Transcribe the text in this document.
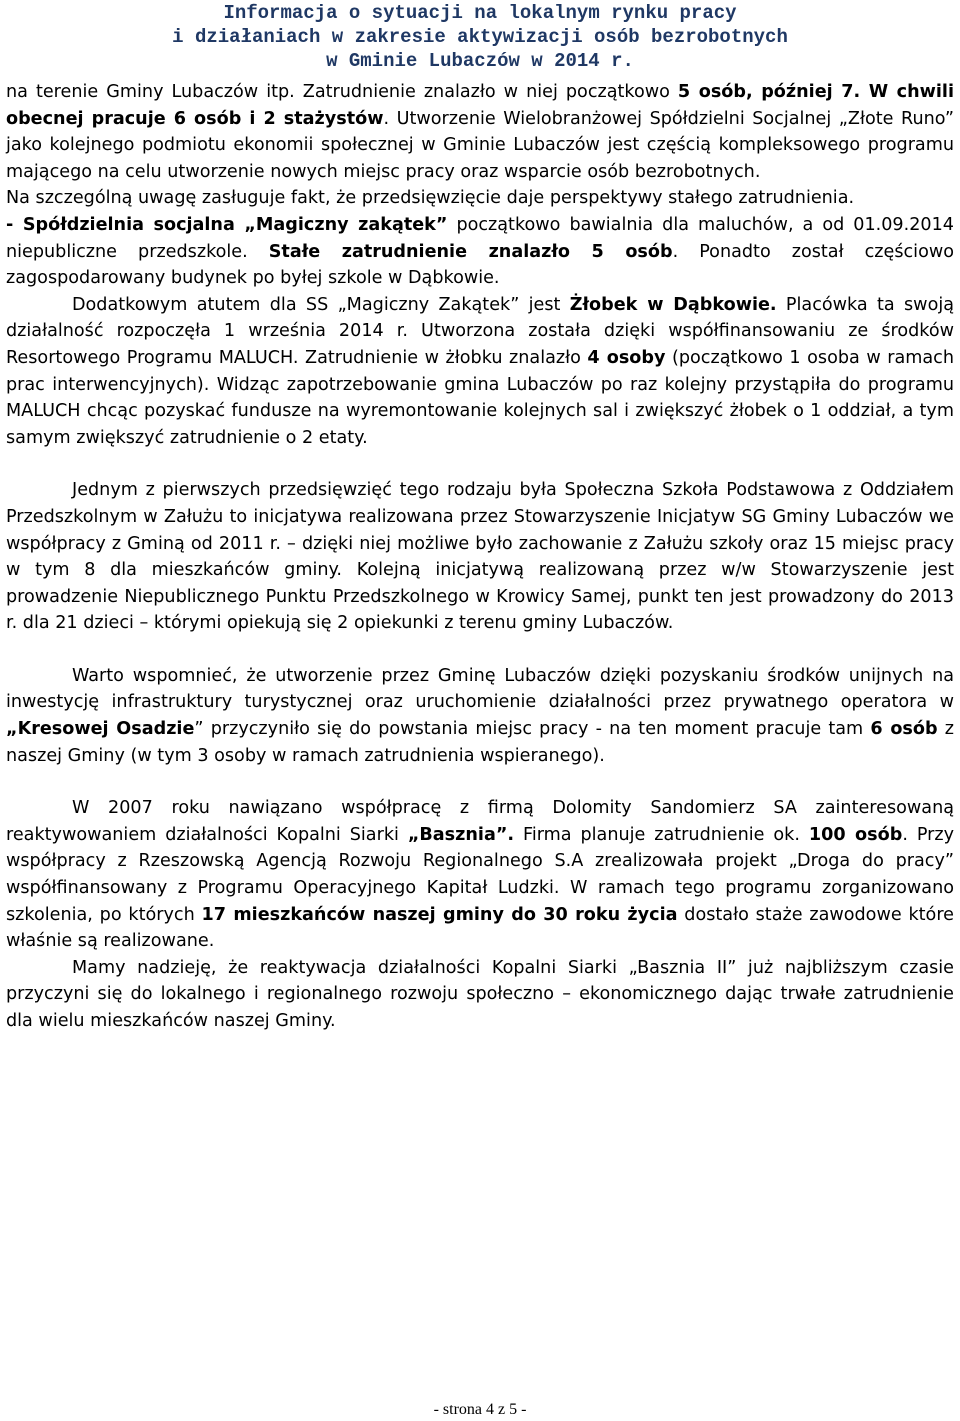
Informacja o sytuacji na lokalnym rynku pracy
i działaniach w zakresie aktywizacji osób bezrobotnych
w Gminie Lubaczów w 2014 r.

na terenie Gminy Lubaczów itp. Zatrudnienie znalazło w niej początkowo 5 osób, później 7. W chwili obecnej pracuje 6 osób i 2 stażystów. Utworzenie Wielobranżowej Spółdzielni Socjalnej „Złote Runo” jako kolejnego podmiotu ekonomii społecznej w Gminie Lubaczów jest częścią kompleksowego programu mającego na celu utworzenie nowych miejsc pracy oraz wsparcie osób bezrobotnych.

Na szczególną uwagę zasługuje fakt, że przedsięwzięcie daje perspektywy stałego zatrudnienia.

- Spółdzielnia socjalna „Magiczny zakątek” początkowo bawialnia dla maluchów, a od 01.09.2014 niepubliczne przedszkole. Stałe zatrudnienie znalazło 5 osób. Ponadto został częściowo zagospodarowany budynek po byłej szkole w Dąbkowie.

Dodatkowym atutem dla SS „Magiczny Zakątek” jest Żłobek w Dąbkowie. Placówka ta swoją działalność rozpoczęła 1 września 2014 r. Utworzona została dzięki współfinansowaniu ze środków Resortowego Programu MALUCH. Zatrudnienie w żłobku znalazło 4 osoby (początkowo 1 osoba w ramach prac interwencyjnych). Widząc zapotrzebowanie gmina Lubaczów po raz kolejny przystąpiła do programu MALUCH chcąc pozyskać fundusze na wyremontowanie kolejnych sal i zwiększyć żłobek o 1 oddział, a tym samym zwiększyć zatrudnienie o 2 etaty.

Jednym z pierwszych przedsięwzięć tego rodzaju była Społeczna Szkoła Podstawowa z Oddziałem Przedszkolnym w Załużu to inicjatywa realizowana przez Stowarzyszenie Inicjatyw SG Gminy Lubaczów we współpracy z Gminą od 2011 r. – dzięki niej możliwe było zachowanie z Załużu szkoły oraz 15 miejsc pracy w tym 8 dla mieszkańców gminy. Kolejną inicjatywą realizowaną przez w/w Stowarzyszenie jest prowadzenie Niepublicznego Punktu Przedszkolnego w Krowicy Samej, punkt ten jest prowadzony do 2013 r. dla 21 dzieci – którymi opiekują się 2 opiekunki z terenu gminy Lubaczów.

Warto wspomnieć, że utworzenie przez Gminę Lubaczów dzięki pozyskaniu środków unijnych na inwestycję infrastruktury turystycznej oraz uruchomienie działalności przez prywatnego operatora w „Kresowej Osadzie” przyczyniło się do powstania miejsc pracy - na ten moment pracuje tam 6 osób z naszej Gminy (w tym 3 osoby w ramach zatrudnienia wspieranego).

W 2007 roku nawiązano współpracę z firmą Dolomity Sandomierz SA zainteresowaną reaktywowaniem działalności Kopalni Siarki „Basznia”. Firma planuje zatrudnienie ok. 100 osób. Przy współpracy z Rzeszowską Agencją Rozwoju Regionalnego S.A zrealizowała projekt „Droga do pracy” współfinansowany z Programu Operacyjnego Kapitał Ludzki. W ramach tego programu zorganizowano szkolenia, po których 17 mieszkańców naszej gminy do 30 roku życia dostało staże zawodowe które właśnie są realizowane.

Mamy nadzieję, że reaktywacja działalności Kopalni Siarki „Basznia II” już najbliższym czasie przyczyni się do lokalnego i regionalnego rozwoju społeczno – ekonomicznego dając trwałe zatrudnienie dla wielu mieszkańców naszej Gminy.

- strona 4 z 5 -
